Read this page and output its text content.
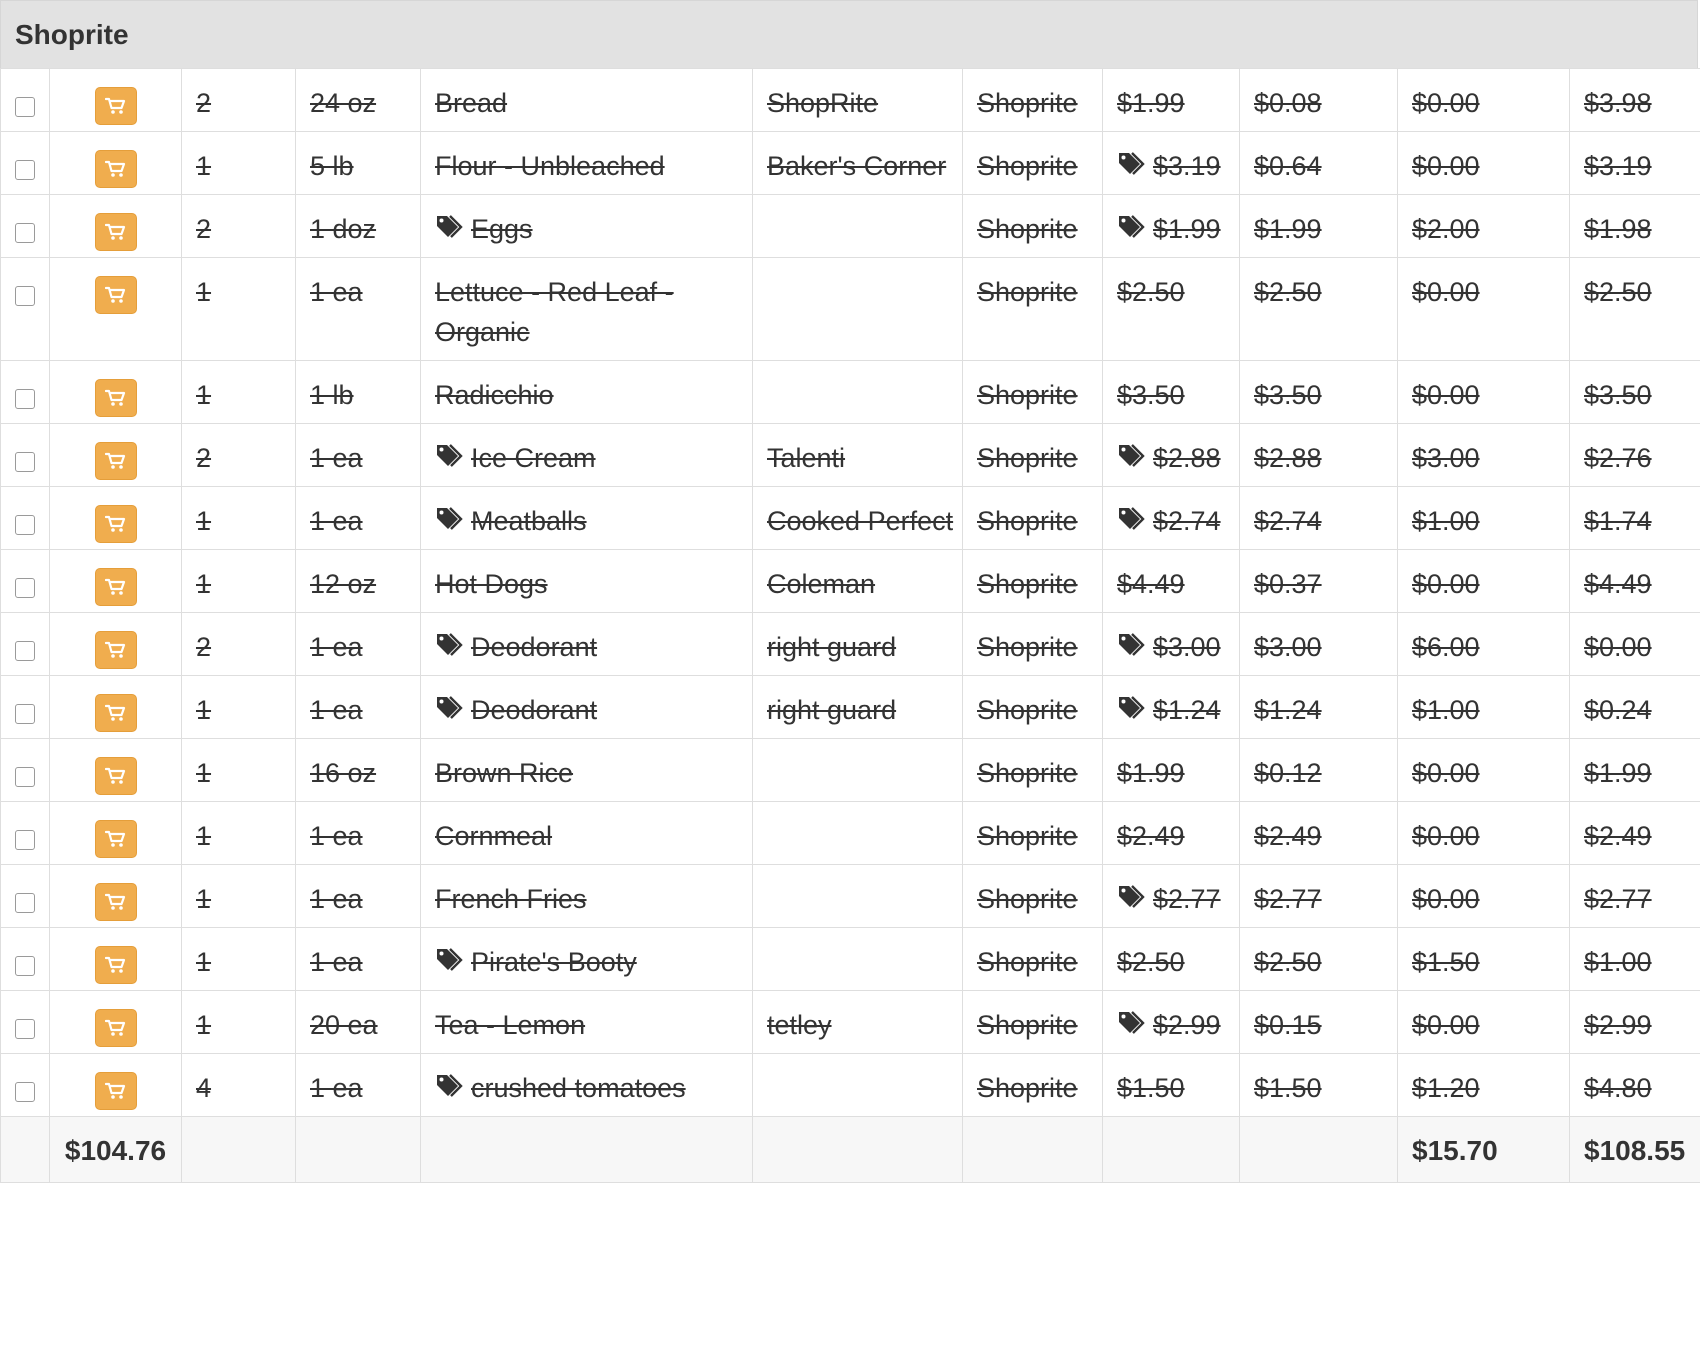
Shoprite

	2	24 oz	Bread	ShopRite	Shoprite	$1.99	$0.08	$0.00	$3.98

	1	5 lb	Flour - Unbleached	Baker's Corner	Shoprite	$3.19	$0.64	$0.00	$3.19

	2	1 doz	Eggs		Shoprite	$1.99	$1.99	$2.00	$1.98

	1	1 ea	Lettuce - Red Leaf - Organic		Shoprite	$2.50	$2.50	$0.00	$2.50

	1	1 lb	Radicchio		Shoprite	$3.50	$3.50	$0.00	$3.50

	2	1 ea	Ice Cream	Talenti	Shoprite	$2.88	$2.88	$3.00	$2.76

	1	1 ea	Meatballs	Cooked Perfect	Shoprite	$2.74	$2.74	$1.00	$1.74

	1	12 oz	Hot Dogs	Coleman	Shoprite	$4.49	$0.37	$0.00	$4.49

	2	1 ea	Deodorant	right guard	Shoprite	$3.00	$3.00	$6.00	$0.00

	1	1 ea	Deodorant	right guard	Shoprite	$1.24	$1.24	$1.00	$0.24

	1	16 oz	Brown Rice		Shoprite	$1.99	$0.12	$0.00	$1.99

	1	1 ea	Cornmeal		Shoprite	$2.49	$2.49	$0.00	$2.49

	1	1 ea	French Fries		Shoprite	$2.77	$2.77	$0.00	$2.77

	1	1 ea	Pirate's Booty		Shoprite	$2.50	$2.50	$1.50	$1.00

	1	20 ea	Tea - Lemon	tetley	Shoprite	$2.99	$0.15	$0.00	$2.99

	4	1 ea	crushed tomatoes		Shoprite	$1.50	$1.50	$1.20	$4.80
	$104.76								$15.70	$108.55
